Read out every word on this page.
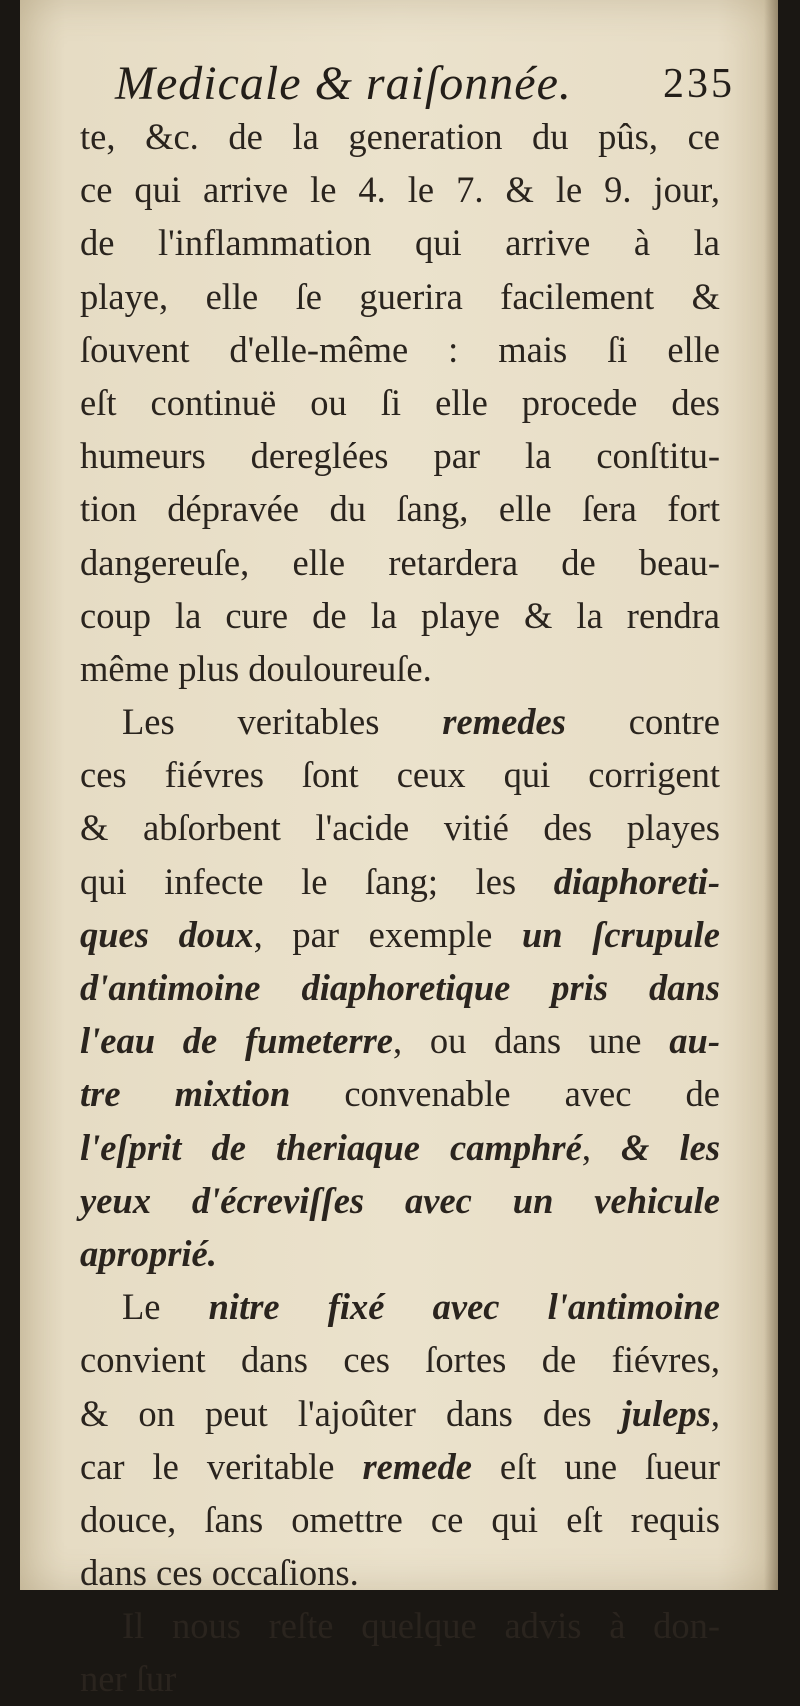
Medicale & raiſonnée. 235
te, &c. de la generation du pûs, ce
ce qui arrive le 4. le 7. & le 9. jour,
de l'inflammation qui arrive à la
playe, elle ſe guerira facilement &
ſouvent d'elle-même : mais ſi elle
eſt continuë ou ſi elle procede des
humeurs dereglées par la conſtitu-
tion dépravée du ſang, elle ſera fort
dangereuſe, elle retardera de beau-
coup la cure de la playe & la rendra
même plus douloureuſe.
Les veritables remedes contre
ces fiévres ſont ceux qui corrigent
& abſorbent l'acide vitié des playes
qui infecte le ſang; les diaphoreti-
ques doux, par exemple un ſcrupule
d'antimoine diaphoretique pris dans
l'eau de fumeterre, ou dans une au-
tre mixtion convenable avec de
l'eſprit de theriaque camphré, & les
yeux d'écreviſſes avec un vehicule
aproprié.
Le nitre fixé avec l'antimoine
convient dans ces ſortes de fiévres,
& on peut l'ajoûter dans des juleps,
car le veritable remede eſt une ſueur
douce, ſans omettre ce qui eſt requis
dans ces occaſions.
Il nous reſte quelque advis à don-
ner ſur
